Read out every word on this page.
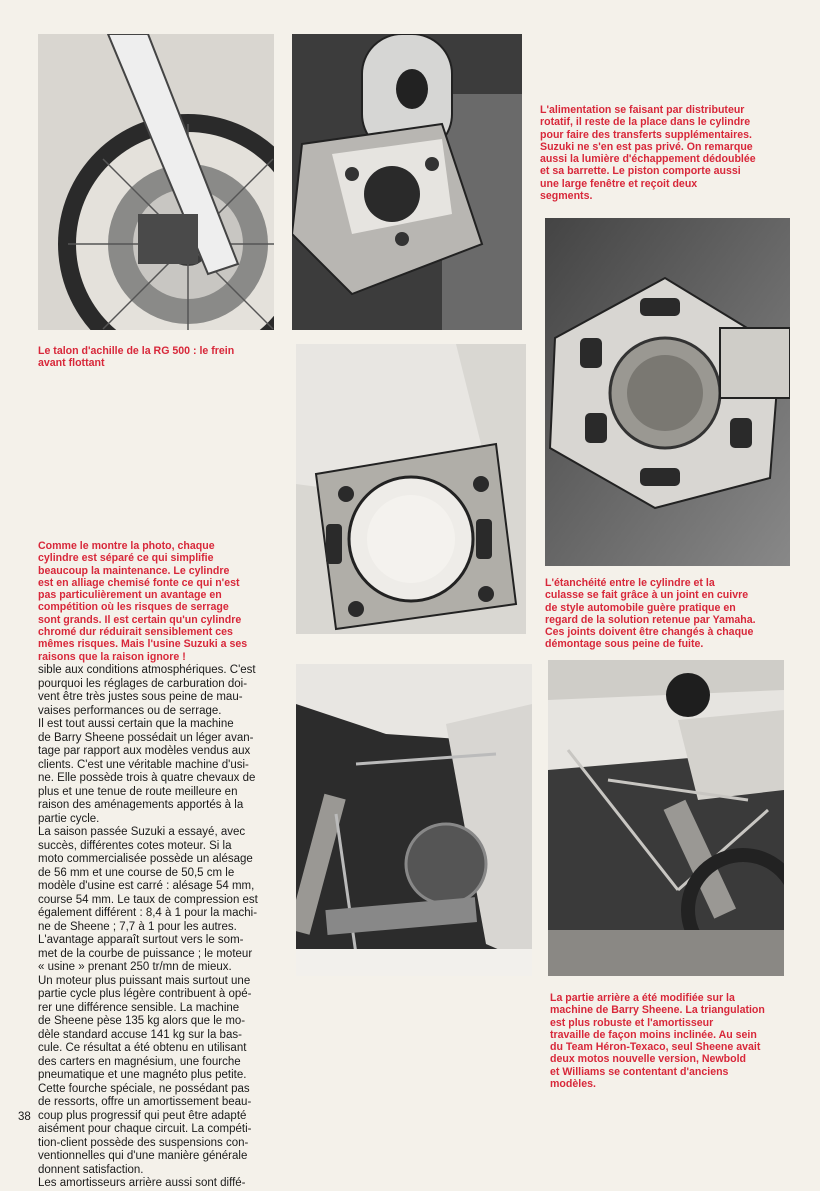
L'alimentation se faisant par distributeur
rotatif, il reste de la place dans le cylindre
pour faire des transferts supplémentaires.
Suzuki ne s'en est pas privé. On remarque
aussi la lumière d'échappement dédoublée
et sa barrette. Le piston comporte aussi
une large fenêtre et reçoit deux
segments.

Le talon d'achille de la RG 500 : le frein
avant flottant

Comme le montre la photo, chaque
cylindre est séparé ce qui simplifie
beaucoup la maintenance. Le cylindre
est en alliage chemisé fonte ce qui n'est
pas particulièrement un avantage en
compétition où les risques de serrage
sont grands. Il est certain qu'un cylindre
chromé dur réduirait sensiblement ces
mêmes risques. Mais l'usine Suzuki a ses
raisons que la raison ignore !

L'étanchéité entre le cylindre et la
culasse se fait grâce à un joint en cuivre
de style automobile guère pratique en
regard de la solution retenue par Yamaha.
Ces joints doivent être changés à chaque
démontage sous peine de fuite.

sible aux conditions atmosphériques. C'est
pourquoi les réglages de carburation doi-
vent être très justes sous peine de mau-
vaises performances ou de serrage.
Il est tout aussi certain que la machine
de Barry Sheene possédait un léger avan-
tage par rapport aux modèles vendus aux
clients. C'est une véritable machine d'usi-
ne. Elle possède trois à quatre chevaux de
plus et une tenue de route meilleure en
raison des aménagements apportés à la
partie cycle.
La saison passée Suzuki a essayé, avec
succès, différentes cotes moteur. Si la
moto commercialisée possède un alésage
de 56 mm et une course de 50,5 cm le
modèle d'usine est carré : alésage 54 mm,
course 54 mm. Le taux de compression est
également différent : 8,4 à 1 pour la machi-
ne de Sheene ; 7,7 à 1 pour les autres.
L'avantage apparaît surtout vers le som-
met de la courbe de puissance ; le moteur
« usine » prenant 250 tr/mn de mieux.
Un moteur plus puissant mais surtout une
partie cycle plus légère contribuent à opé-
rer une différence sensible. La machine
de Sheene pèse 135 kg alors que le mo-
dèle standard accuse 141 kg sur la bas-
cule. Ce résultat a été obtenu en utilisant
des carters en magnésium, une fourche
pneumatique et une magnéto plus petite.
Cette fourche spéciale, ne possédant pas
de ressorts, offre un amortissement beau-
coup plus progressif qui peut être adapté
aisément pour chaque circuit. La compéti-
tion-client possède des suspensions con-
ventionnelles qui d'une manière générale
donnent satisfaction.
Les amortisseurs arrière aussi sont diffé-

La partie arrière a été modifiée sur la
machine de Barry Sheene. La triangulation
est plus robuste et l'amortisseur
travaille de façon moins inclinée. Au sein
du Team Héron-Texaco, seul Sheene avait
deux motos nouvelle version, Newbold
et Williams se contentant d'anciens
modèles.

38
